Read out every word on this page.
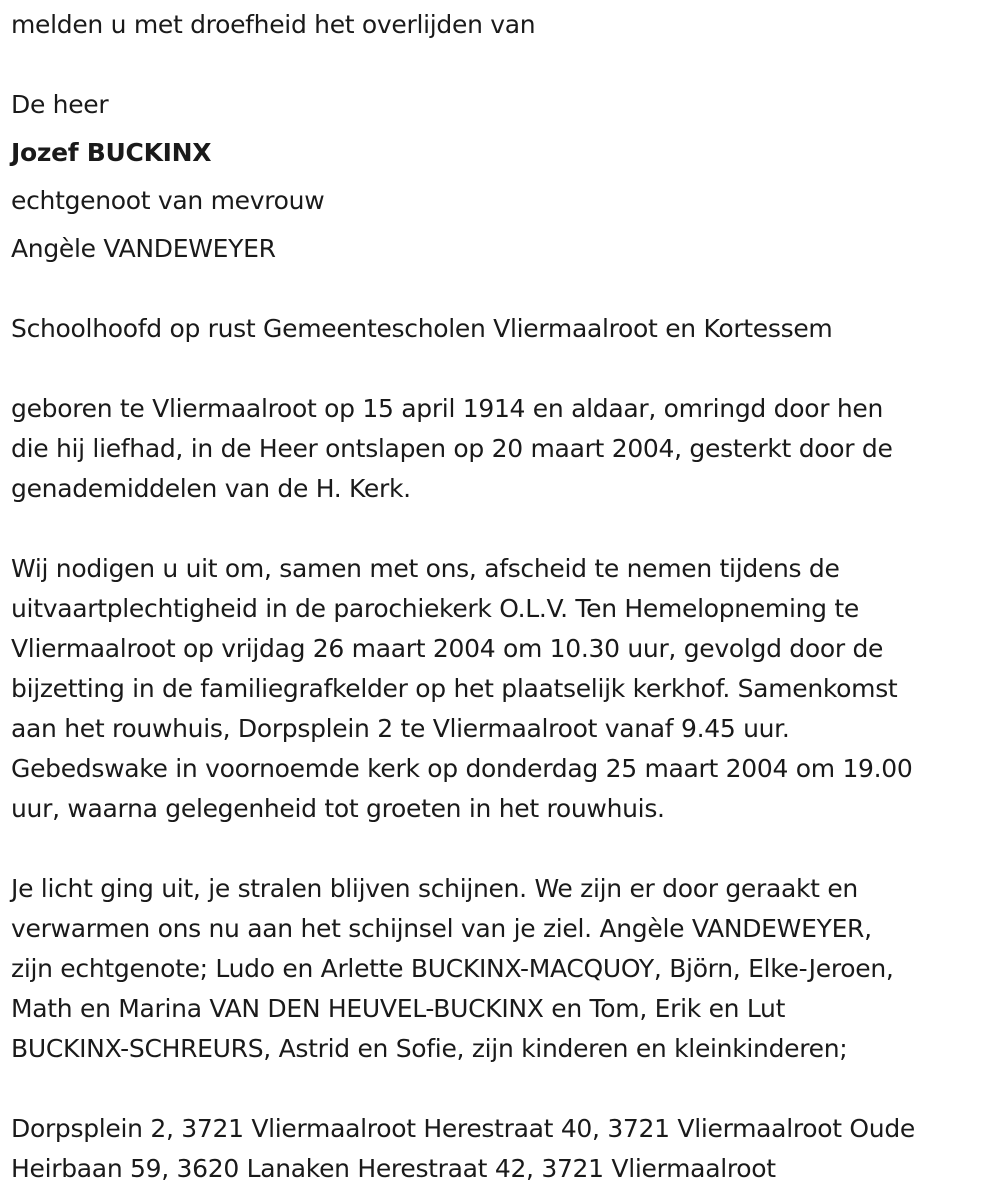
melden u met droefheid het overlijden van
De heer
Jozef BUCKINX
echtgenoot van mevrouw
Angèle VANDEWEYER
Schoolhoofd op rust Gemeentescholen Vliermaalroot en Kortessem
geboren te Vliermaalroot op 15 april 1914 en aldaar, omringd door hen
die hij liefhad, in de Heer ontslapen op 20 maart 2004, gesterkt door de
genademiddelen van de H. Kerk.
Wij nodigen u uit om, samen met ons, afscheid te nemen tijdens de
uitvaartplechtigheid in de parochiekerk O.L.V. Ten Hemelopneming te
Vliermaalroot op vrijdag 26 maart 2004 om 10.30 uur, gevolgd door de
bijzetting in de familiegrafkelder op het plaatselijk kerkhof. Samenkomst
aan het rouwhuis, Dorpsplein 2 te Vliermaalroot vanaf 9.45 uur.
Gebedswake in voornoemde kerk op donderdag 25 maart 2004 om 19.00
uur, waarna gelegenheid tot groeten in het rouwhuis.
Je licht ging uit, je stralen blijven schijnen. We zijn er door geraakt en
verwarmen ons nu aan het schijnsel van je ziel. Angèle VANDEWEYER,
zijn echtgenote; Ludo en Arlette BUCKINX-MACQUOY, Björn, Elke-Jeroen,
Math en Marina VAN DEN HEUVEL-BUCKINX en Tom, Erik en Lut
BUCKINX-SCHREURS, Astrid en Sofie, zijn kinderen en kleinkinderen;
Dorpsplein 2, 3721 Vliermaalroot Herestraat 40, 3721 Vliermaalroot Oude
Heirbaan 59, 3620 Lanaken Herestraat 42, 3721 Vliermaalroot
